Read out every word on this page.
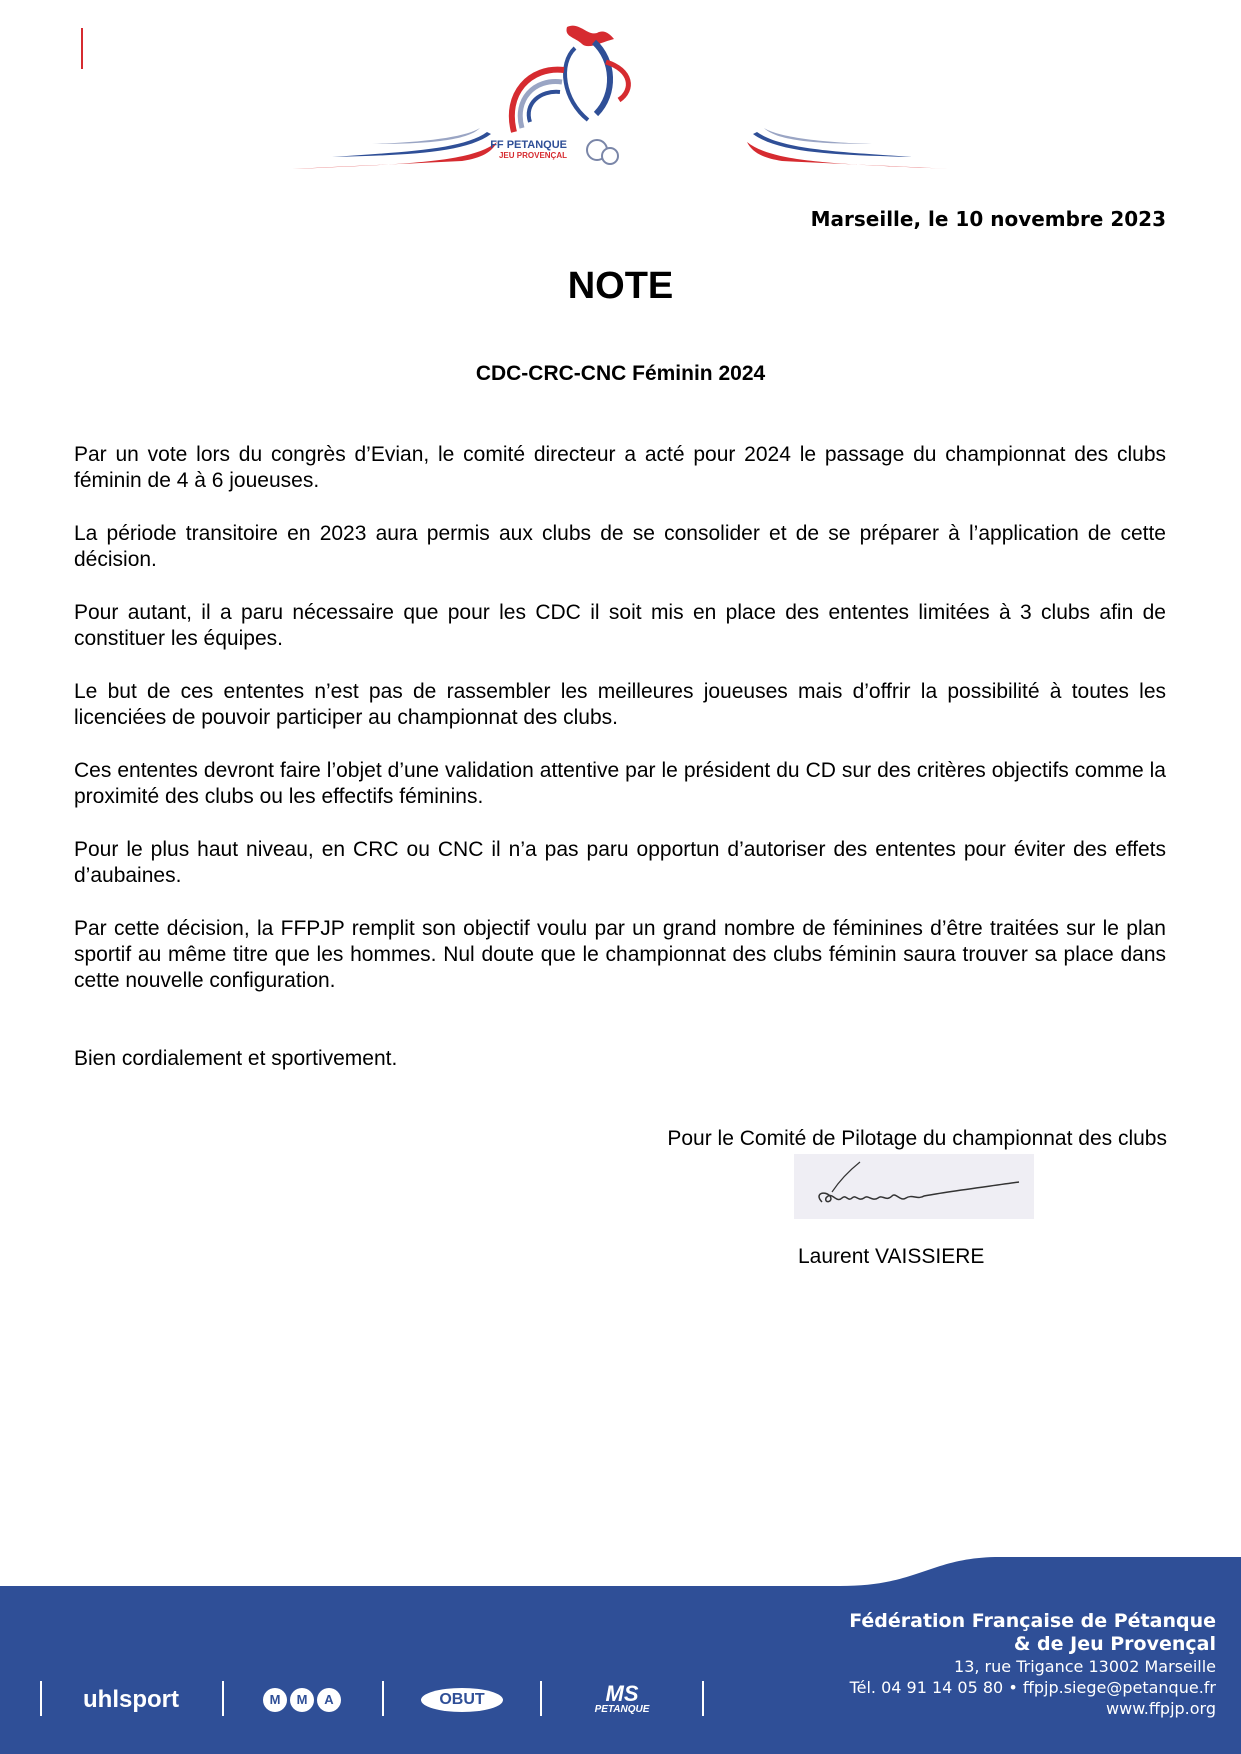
FF PETANQUE
JEU PROVENÇAL
Marseille, le 10 novembre 2023
NOTE
CDC-CRC-CNC Féminin 2024

Par un vote lors du congrès d’Evian, le comité directeur a acté pour 2024 le passage du championnat des clubs féminin de 4 à 6 joueuses.

La période transitoire en 2023 aura permis aux clubs de se consolider et de se préparer à l’application de cette décision.

Pour autant, il a paru nécessaire que pour les CDC il soit mis en place des ententes limitées à 3 clubs afin de constituer les équipes.

Le but de ces ententes n’est pas de rassembler les meilleures joueuses mais d’offrir la possibilité à toutes les licenciées de pouvoir participer au championnat des clubs.

Ces ententes devront faire l’objet d’une validation attentive par le président du CD sur des critères objectifs comme la proximité des clubs ou les effectifs féminins.

Pour le plus haut niveau, en CRC ou CNC il n’a pas paru opportun d’autoriser des ententes pour éviter des effets d’aubaines.

Par cette décision, la FFPJP remplit son objectif voulu par un grand nombre de féminines d’être traitées sur le plan sportif au même titre que les hommes. Nul doute que le championnat des clubs féminin saura trouver sa place dans cette nouvelle configuration.

Bien cordialement et sportivement.
Pour le Comité de Pilotage du championnat des clubs
Laurent VAISSIERE
Fédération Française de Pétanque
& de Jeu Provençal
13, rue Trigance 13002 Marseille
Tél. 04 91 14 05 80 • ffpjp.siege@petanque.fr
www.ffpjp.org
uhlsport	M	M	A	OBUT	MS
PETANQUE
